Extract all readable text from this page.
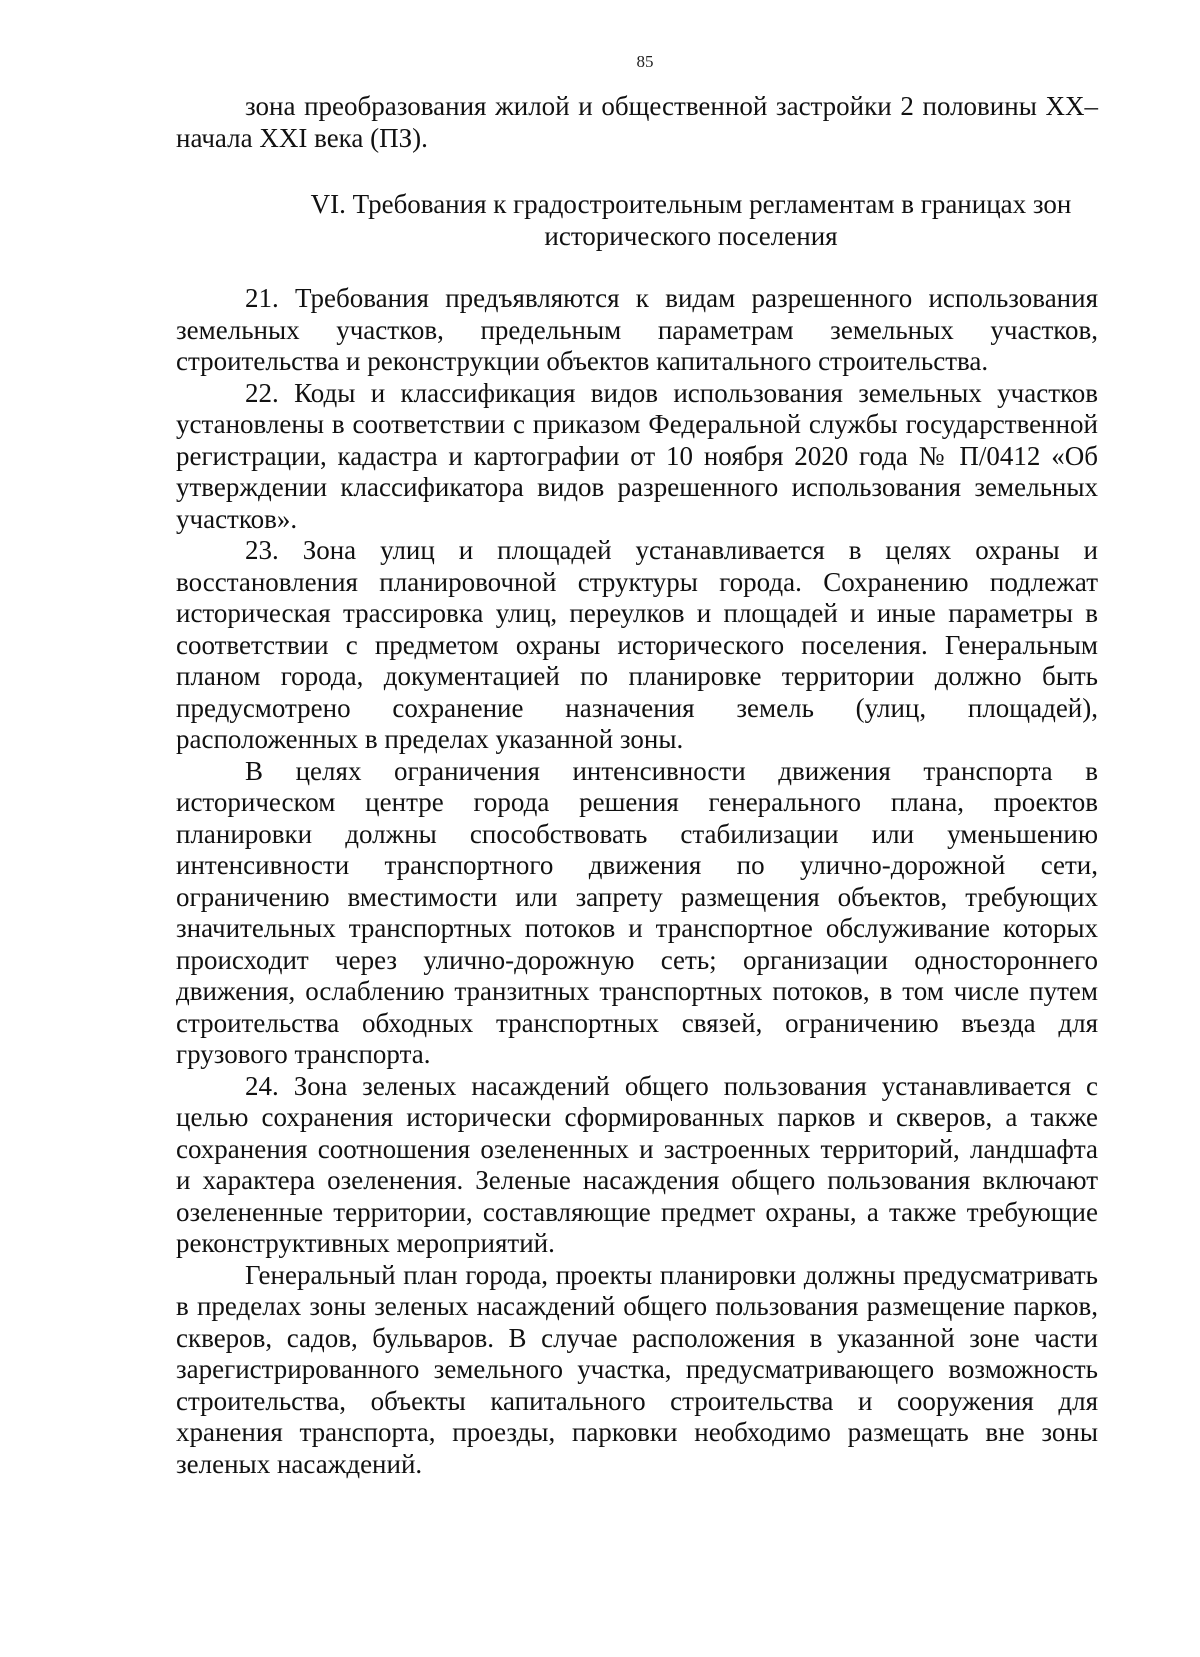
85

зона преобразования жилой и общественной застройки 2 половины XX–начала XXI века (ПЗ).

VI. Требования к градостроительным регламентам в границах зон
исторического поселения

21. Требования предъявляются к видам разрешенного использования земельных участков, предельным параметрам земельных участков, строительства и реконструкции объектов капитального строительства.

22. Коды и классификация видов использования земельных участков установлены в соответствии с приказом Федеральной службы государственной регистрации, кадастра и картографии от 10 ноября 2020 года № П/0412 «Об утверждении классификатора видов разрешенного использования земельных участков».

23. Зона улиц и площадей устанавливается в целях охраны и восстановления планировочной структуры города. Сохранению подлежат историческая трассировка улиц, переулков и площадей и иные параметры в соответствии с предметом охраны исторического поселения. Генеральным планом города, документацией по планировке территории должно быть предусмотрено сохранение назначения земель (улиц, площадей), расположенных в пределах указанной зоны.

В целях ограничения интенсивности движения транспорта в историческом центре города решения генерального плана, проектов планировки должны способствовать стабилизации или уменьшению интенсивности транспортного движения по улично-дорожной сети, ограничению вместимости или запрету размещения объектов, требующих значительных транспортных потоков и транспортное обслуживание которых происходит через улично-дорожную сеть; организации одностороннего движения, ослаблению транзитных транспортных потоков, в том числе путем строительства обходных транспортных связей, ограничению въезда для грузового транспорта.

24. Зона зеленых насаждений общего пользования устанавливается с целью сохранения исторически сформированных парков и скверов, а также сохранения соотношения озелененных и застроенных территорий, ландшафта и характера озеленения. Зеленые насаждения общего пользования включают озелененные территории, составляющие предмет охраны, а также требующие реконструктивных мероприятий.

Генеральный план города, проекты планировки должны предусматривать в пределах зоны зеленых насаждений общего пользования размещение парков, скверов, садов, бульваров. В случае расположения в указанной зоне части зарегистрированного земельного участка, предусматривающего возможность строительства, объекты капитального строительства и сооружения для хранения транспорта, проезды, парковки необходимо размещать вне зоны зеленых насаждений.
